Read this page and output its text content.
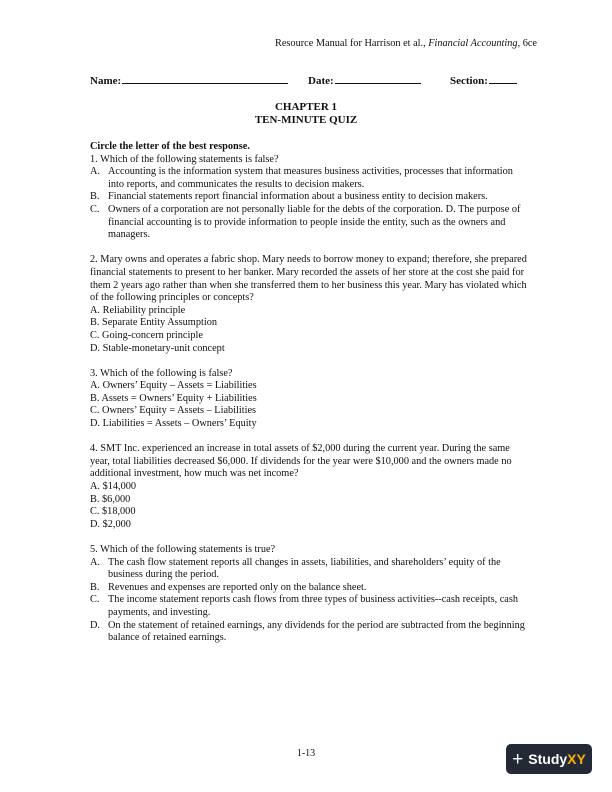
Resource Manual for Harrison et al., Financial Accounting, 6ce
Name:	Date:	Section:
CHAPTER 1
TEN-MINUTE QUIZ

Circle the letter of the best response.

1. Which of the following statements is false?

A. Accounting is the information system that measures business activities, processes that information into reports, and communicates the results to decision makers.

B. Financial statements report financial information about a business entity to decision makers.

C. Owners of a corporation are not personally liable for the debts of the corporation. D. The purpose of financial accounting is to provide information to people inside the entity, such as the owners and managers.

2. Mary owns and operates a fabric shop. Mary needs to borrow money to expand; therefore, she prepared financial statements to present to her banker. Mary recorded the assets of her store at the cost she paid for them 2 years ago rather than when she transferred them to her business this year. Mary has violated which of the following principles or concepts?

A. Reliability principle

B. Separate Entity Assumption

C. Going-concern principle

D. Stable-monetary-unit concept

3. Which of the following is false?

A. Owners’ Equity – Assets = Liabilities

B. Assets = Owners’ Equity + Liabilities

C. Owners’ Equity = Assets – Liabilities

D. Liabilities = Assets – Owners’ Equity

4. SMT Inc. experienced an increase in total assets of $2,000 during the current year. During the same year, total liabilities decreased $6,000. If dividends for the year were $10,000 and the owners made no additional investment, how much was net income?

A. $14,000

B. $6,000

C. $18,000

D. $2,000

5. Which of the following statements is true?

A. The cash flow statement reports all changes in assets, liabilities, and shareholders’ equity of the business during the period.

B. Revenues and expenses are reported only on the balance sheet.

C. The income statement reports cash flows from three types of business activities--cash receipts, cash payments, and investing.

D. On the statement of retained earnings, any dividends for the period are subtracted from the beginning balance of retained earnings.

1-13	+ StudyXY
